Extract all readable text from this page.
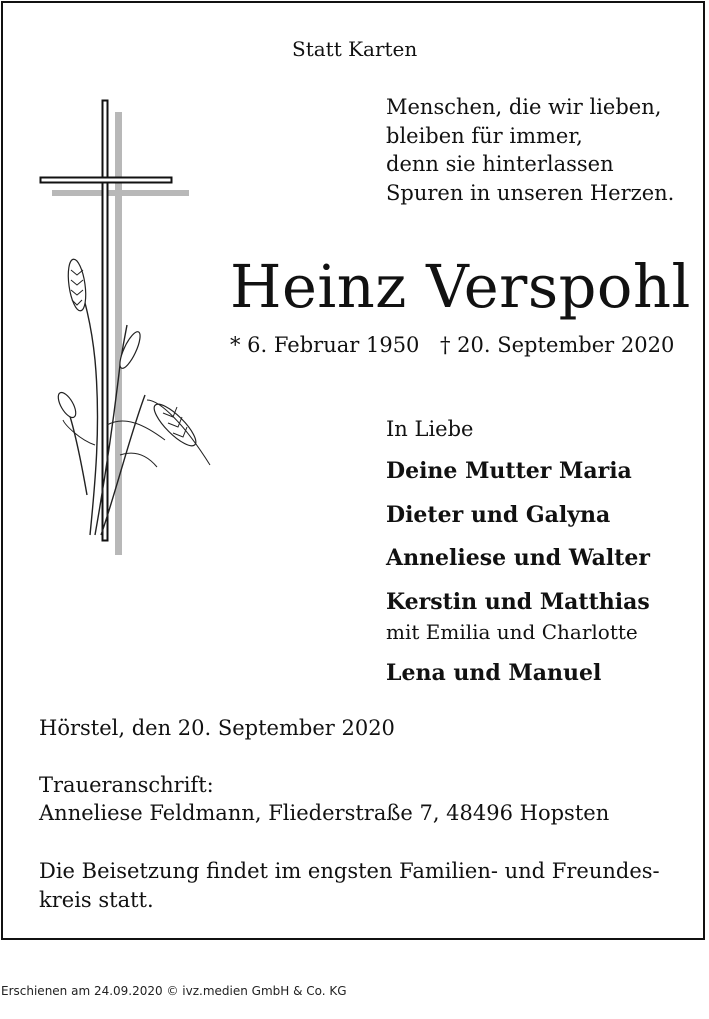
Statt Karten
Menschen, die wir lieben,
bleiben für immer,
denn sie hinterlassen
Spuren in unseren Herzen.
Heinz Verspohl
* 6. Februar 1950 † 20. September 2020
In Liebe
Deine Mutter Maria
Dieter und Galyna
Anneliese und Walter
Kerstin und Matthias
mit Emilia und Charlotte
Lena und Manuel
Hörstel, den 20. September 2020
Traueranschrift:
Anneliese Feldmann, Fliederstraße 7, 48496 Hopsten
Die Beisetzung findet im engsten Familien- und Freundes-
kreis statt.
Erschienen am 24.09.2020 © ivz.medien GmbH & Co. KG
